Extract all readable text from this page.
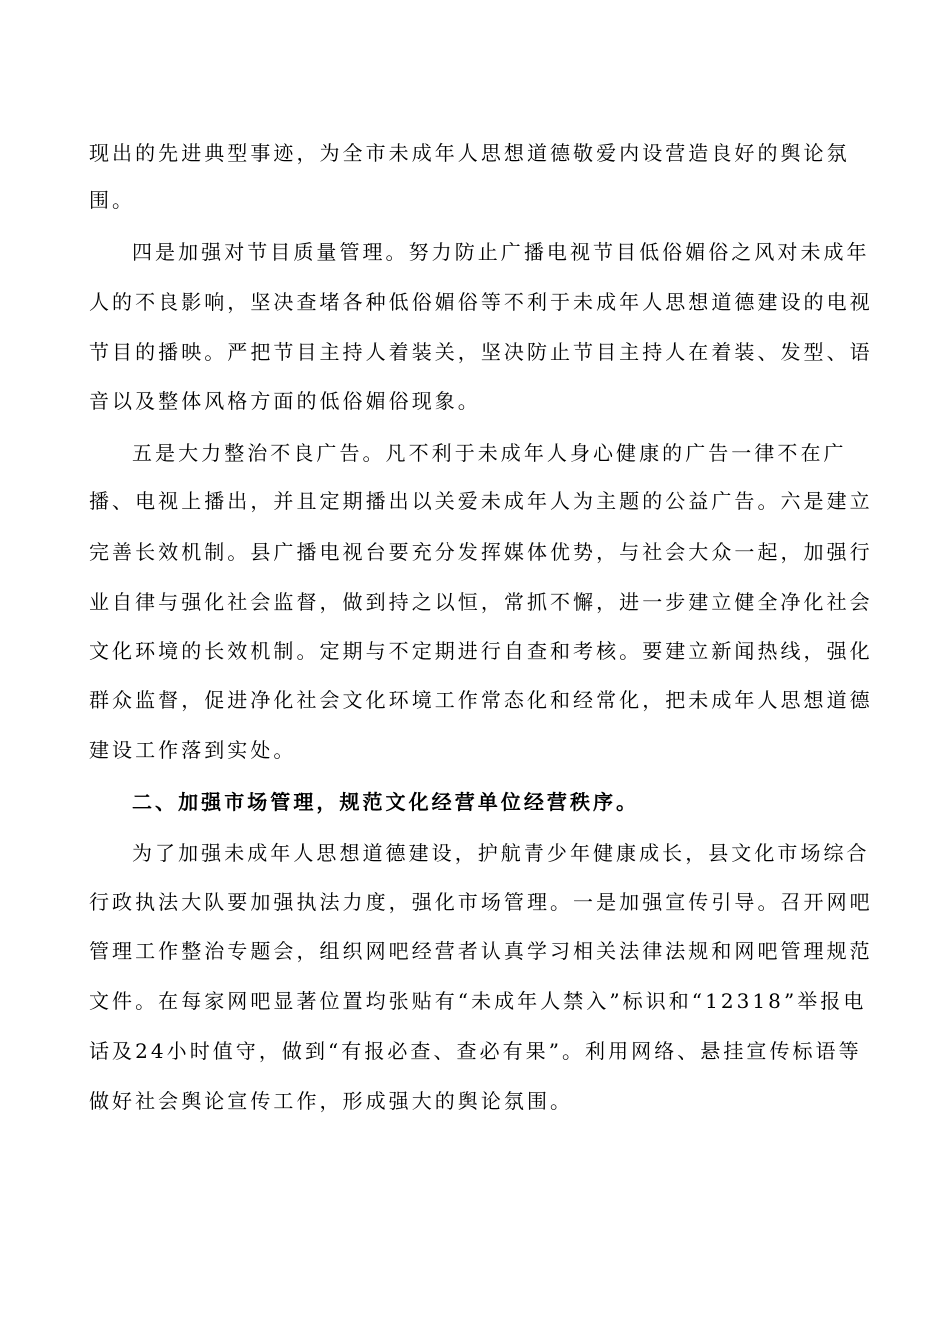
现出的先进典型事迹，为全市未成年人思想道德敬爱内设营造良好的舆论氛
围。
四是加强对节目质量管理。努力防止广播电视节目低俗媚俗之风对未成年
人的不良影响，坚决查堵各种低俗媚俗等不利于未成年人思想道德建设的电视
节目的播映。严把节目主持人着装关，坚决防止节目主持人在着装、发型、语
音以及整体风格方面的低俗媚俗现象。
五是大力整治不良广告。凡不利于未成年人身心健康的广告一律不在广
播、电视上播出，并且定期播出以关爱未成年人为主题的公益广告。六是建立
完善长效机制。县广播电视台要充分发挥媒体优势，与社会大众一起，加强行
业自律与强化社会监督，做到持之以恒，常抓不懈，进一步建立健全净化社会
文化环境的长效机制。定期与不定期进行自查和考核。要建立新闻热线，强化
群众监督，促进净化社会文化环境工作常态化和经常化，把未成年人思想道德
建设工作落到实处。
二、加强市场管理，规范文化经营单位经营秩序。
为了加强未成年人思想道德建设，护航青少年健康成长，县文化市场综合
行政执法大队要加强执法力度，强化市场管理。一是加强宣传引导。召开网吧
管理工作整治专题会，组织网吧经营者认真学习相关法律法规和网吧管理规范
文件。在每家网吧显著位置均张贴有“未成年人禁入”标识和“12318”举报电
话及24小时值守，做到“有报必查、查必有果”。利用网络、悬挂宣传标语等
做好社会舆论宣传工作，形成强大的舆论氛围。
